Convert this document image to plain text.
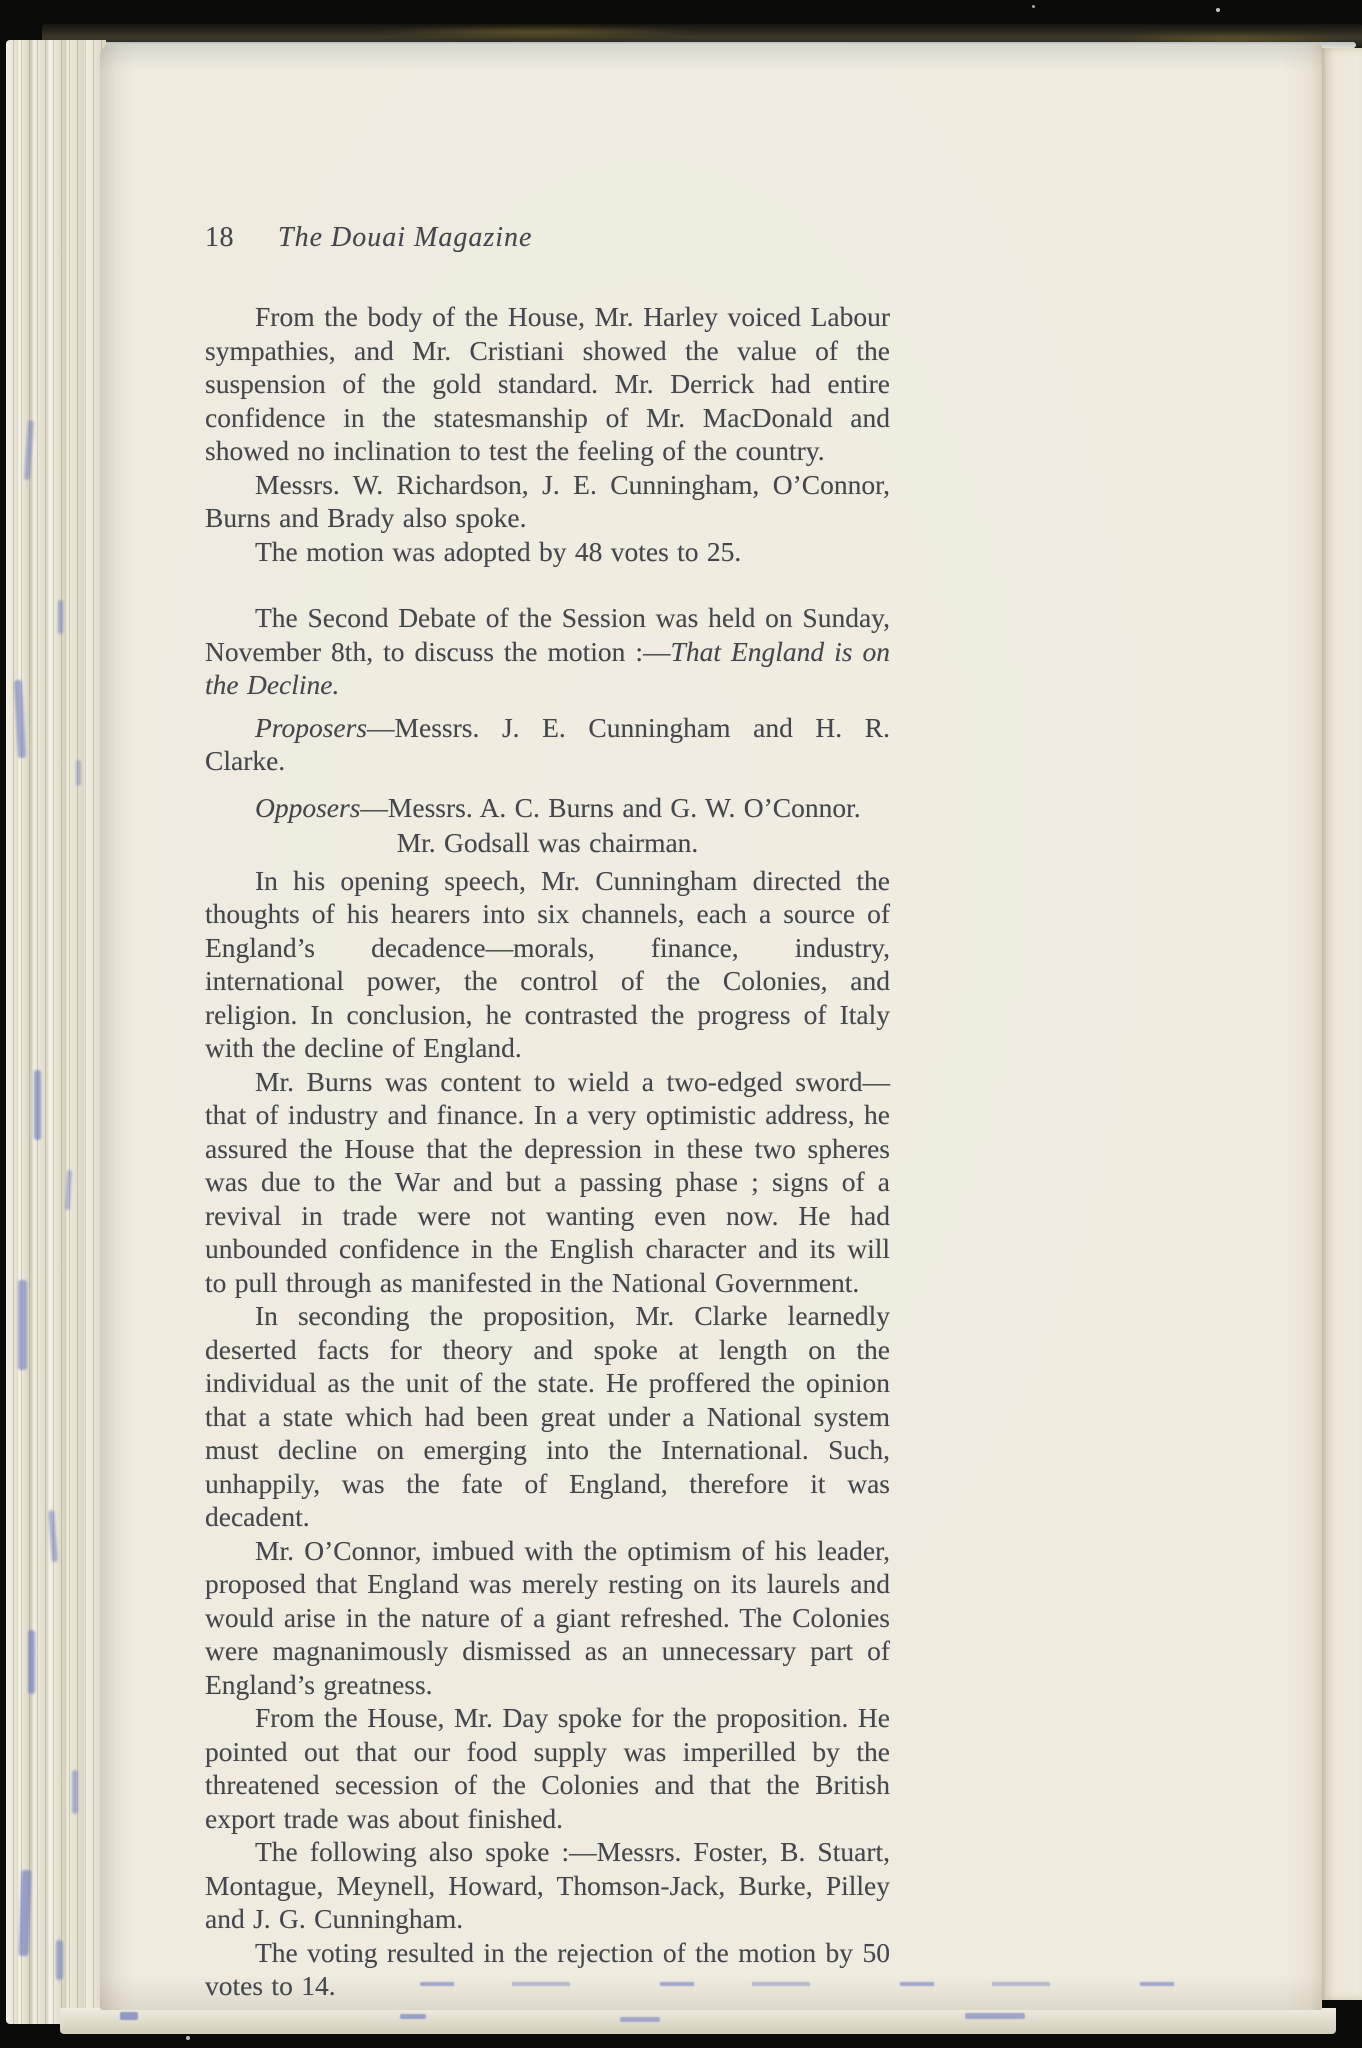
18 The Douai Magazine

From the body of the House, Mr. Harley voiced Labour sympathies, and Mr. Cristiani showed the value of the suspension of the gold standard. Mr. Derrick had entire confidence in the statesmanship of Mr. MacDonald and showed no inclination to test the feeling of the country.

Messrs. W. Richardson, J. E. Cunningham, O’Connor, Burns and Brady also spoke.

The motion was adopted by 48 votes to 25.

The Second Debate of the Session was held on Sunday, November 8th, to discuss the motion :—That England is on the Decline.

Proposers—Messrs. J. E. Cunningham and H. R. Clarke.

Opposers—Messrs. A. C. Burns and G. W. O’Connor.

Mr. Godsall was chairman.

In his opening speech, Mr. Cunningham directed the thoughts of his hearers into six channels, each a source of England’s decadence—morals, finance, industry, international power, the control of the Colonies, and religion. In conclusion, he contrasted the progress of Italy with the decline of England.

Mr. Burns was content to wield a two-edged sword—that of industry and finance. In a very optimistic address, he assured the House that the depression in these two spheres was due to the War and but a passing phase ; signs of a revival in trade were not wanting even now. He had unbounded confidence in the English character and its will to pull through as manifested in the National Government.

In seconding the proposition, Mr. Clarke learnedly deserted facts for theory and spoke at length on the individual as the unit of the state. He proffered the opinion that a state which had been great under a National system must decline on emerging into the International. Such, unhappily, was the fate of England, therefore it was decadent.

Mr. O’Connor, imbued with the optimism of his leader, proposed that England was merely resting on its laurels and would arise in the nature of a giant refreshed. The Colonies were magnanimously dismissed as an unnecessary part of England’s greatness.

From the House, Mr. Day spoke for the proposition. He pointed out that our food supply was imperilled by the threatened secession of the Colonies and that the British export trade was about finished.

The following also spoke :—Messrs. Foster, B. Stuart, Montague, Meynell, Howard, Thomson-Jack, Burke, Pilley and J. G. Cunningham.

The voting resulted in the rejection of the motion by 50 votes to 14.
